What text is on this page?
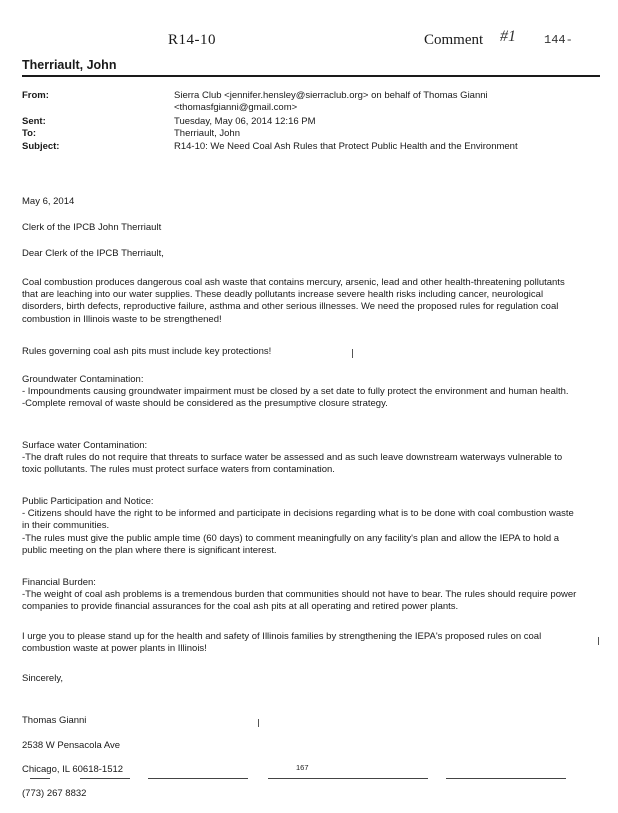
R14-10	Comment #1 144-
Therriault, John
From:	Sierra Club <jennifer.hensley@sierraclub.org> on behalf of Thomas Gianni <thomasfgianni@gmail.com>
Sent:	Tuesday, May 06, 2014 12:16 PM
To:	Therriault, John
Subject:	R14-10: We Need Coal Ash Rules that Protect Public Health and the Environment
May 6, 2014
Clerk of the IPCB John Therriault
Dear Clerk of the IPCB Therriault,
Coal combustion produces dangerous coal ash waste that contains mercury, arsenic, lead and other health-threatening pollutants that are leaching into our water supplies. These deadly pollutants increase severe health risks including cancer, neurological disorders, birth defects, reproductive failure, asthma and other serious illnesses. We need the proposed rules for regulation coal combustion in Illinois waste to be strengthened!
Rules governing coal ash pits must include key protections!
Groundwater Contamination:
- Impoundments causing groundwater impairment must be closed by a set date to fully protect the environment and human health.
-Complete removal of waste should be considered as the presumptive closure strategy.
Surface water Contamination:
-The draft rules do not require that threats to surface water be assessed and as such leave downstream waterways vulnerable to toxic pollutants. The rules must protect surface waters from contamination.
Public Participation and Notice:
- Citizens should have the right to be informed and participate in decisions regarding what is to be done with coal combustion waste in their communities.
-The rules must give the public ample time (60 days) to comment meaningfully on any facility's plan and allow the IEPA to hold a public meeting on the plan where there is significant interest.
Financial Burden:
-The weight of coal ash problems is a tremendous burden that communities should not have to bear. The rules should require power companies to provide financial assurances for the coal ash pits at all operating and retired power plants.
I urge you to please stand up for the health and safety of Illinois families by strengthening the IEPA's proposed rules on coal combustion waste at power plants in Illinois!
Sincerely,

Thomas Gianni

2538 W Pensacola Ave

Chicago, IL 60618-1512

(773) 267 8832

167
